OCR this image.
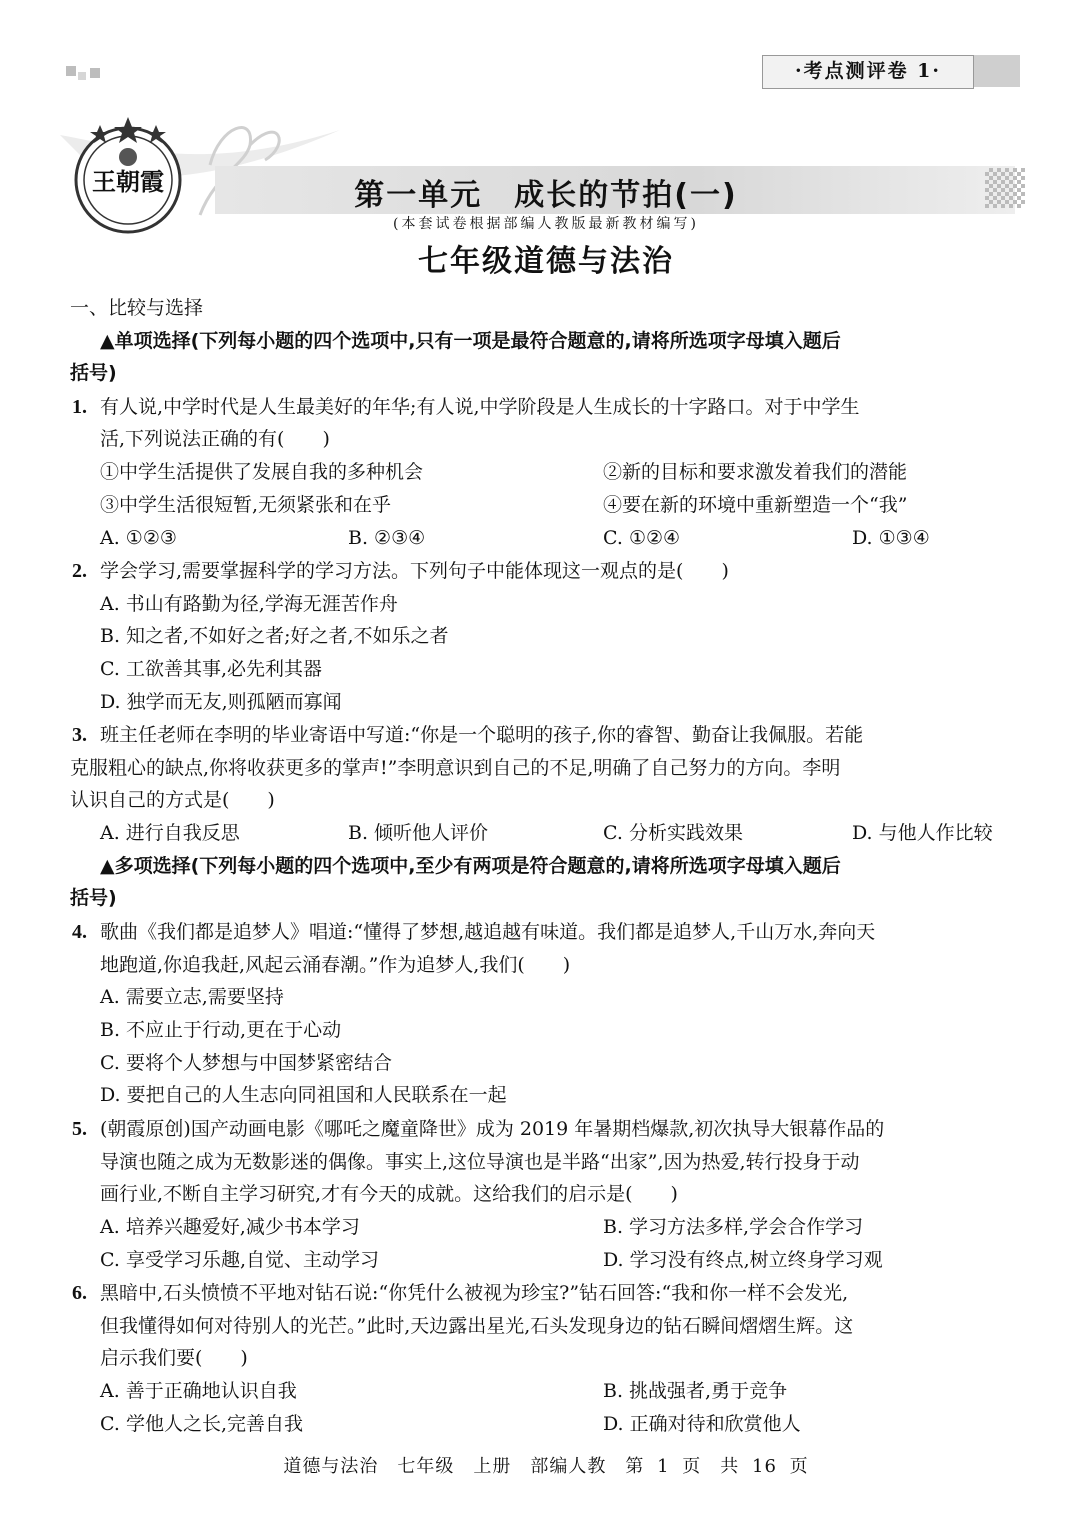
·考点测评卷 1·
王朝霞	第一单元　成长的节拍(一)
(本套试卷根据部编人教版最新教材编写)
七年级道德与法治
一、比较与选择
▲单项选择(下列每小题的四个选项中,只有一项是最符合题意的,请将所选项字母填入题后
括号)
1. 有人说,中学时代是人生最美好的年华;有人说,中学阶段是人生成长的十字路口。对于中学生
活,下列说法正确的有(　　)
①中学生活提供了发展自我的多种机会	②新的目标和要求激发着我们的潜能
③中学生活很短暂,无须紧张和在乎	④要在新的环境中重新塑造一个“我”
A. ①②③	B. ②③④	C. ①②④	D. ①③④
2. 学会学习,需要掌握科学的学习方法。下列句子中能体现这一观点的是(　　)
A. 书山有路勤为径,学海无涯苦作舟
B. 知之者,不如好之者;好之者,不如乐之者
C. 工欲善其事,必先利其器
D. 独学而无友,则孤陋而寡闻
3. 班主任老师在李明的毕业寄语中写道:“你是一个聪明的孩子,你的睿智、勤奋让我佩服。若能
克服粗心的缺点,你将收获更多的掌声!”李明意识到自己的不足,明确了自己努力的方向。李明
认识自己的方式是(　　)
A. 进行自我反思	B. 倾听他人评价	C. 分析实践效果	D. 与他人作比较
▲多项选择(下列每小题的四个选项中,至少有两项是符合题意的,请将所选项字母填入题后
括号)
4. 歌曲《我们都是追梦人》唱道:“懂得了梦想,越追越有味道。我们都是追梦人,千山万水,奔向天
地跑道,你追我赶,风起云涌春潮。”作为追梦人,我们(　　)
A. 需要立志,需要坚持
B. 不应止于行动,更在于心动
C. 要将个人梦想与中国梦紧密结合
D. 要把自己的人生志向同祖国和人民联系在一起
5. (朝霞原创)国产动画电影《哪吒之魔童降世》成为 2019 年暑期档爆款,初次执导大银幕作品的
导演也随之成为无数影迷的偶像。事实上,这位导演也是半路“出家”,因为热爱,转行投身于动
画行业,不断自主学习研究,才有今天的成就。这给我们的启示是(　　)
A. 培养兴趣爱好,减少书本学习	B. 学习方法多样,学会合作学习
C. 享受学习乐趣,自觉、主动学习	D. 学习没有终点,树立终身学习观
6. 黑暗中,石头愤愤不平地对钻石说:“你凭什么被视为珍宝?”钻石回答:“我和你一样不会发光,
但我懂得如何对待别人的光芒。”此时,天边露出星光,石头发现身边的钻石瞬间熠熠生辉。这
启示我们要(　　)
A. 善于正确地认识自我	B. 挑战强者,勇于竞争
C. 学他人之长,完善自我	D. 正确对待和欣赏他人
道德与法治　七年级　上册　部编人教　第 1 页　共 16 页
